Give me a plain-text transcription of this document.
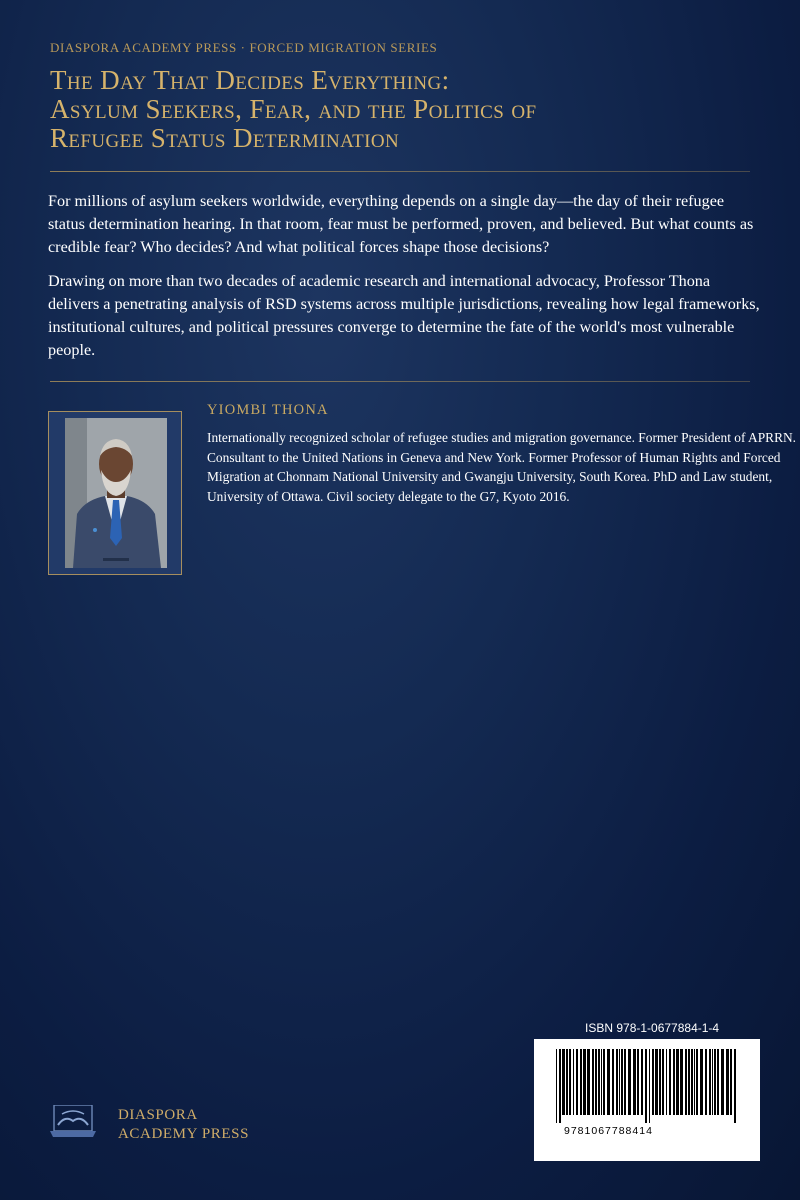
DIASPORA ACADEMY PRESS · FORCED MIGRATION SERIES
The Day That Decides Everything:
Asylum Seekers, Fear, and the Politics of
Refugee Status Determination

For millions of asylum seekers worldwide, everything depends on a single day—the day of their refugee status determination hearing. In that room, fear must be performed, proven, and believed. But what counts as credible fear? Who decides? And what political forces shape those decisions?

Drawing on more than two decades of academic research and international advocacy, Professor Thona delivers a penetrating analysis of RSD systems across multiple jurisdictions, revealing how legal frameworks, institutional cultures, and political pressures converge to determine the fate of the world's most vulnerable people.

YIOMBI THONA
Internationally recognized scholar of refugee studies and migration governance. Former President of APRRN. Consultant to the United Nations in Geneva and New York. Former Professor of Human Rights and Forced Migration at Chonnam National University and Gwangju University, South Korea. PhD and Law student, University of Ottawa. Civil society delegate to the G7, Kyoto 2016.
ISBN 978-1-0677884-1-4
9781067788414
DIASPORA
ACADEMY PRESS
